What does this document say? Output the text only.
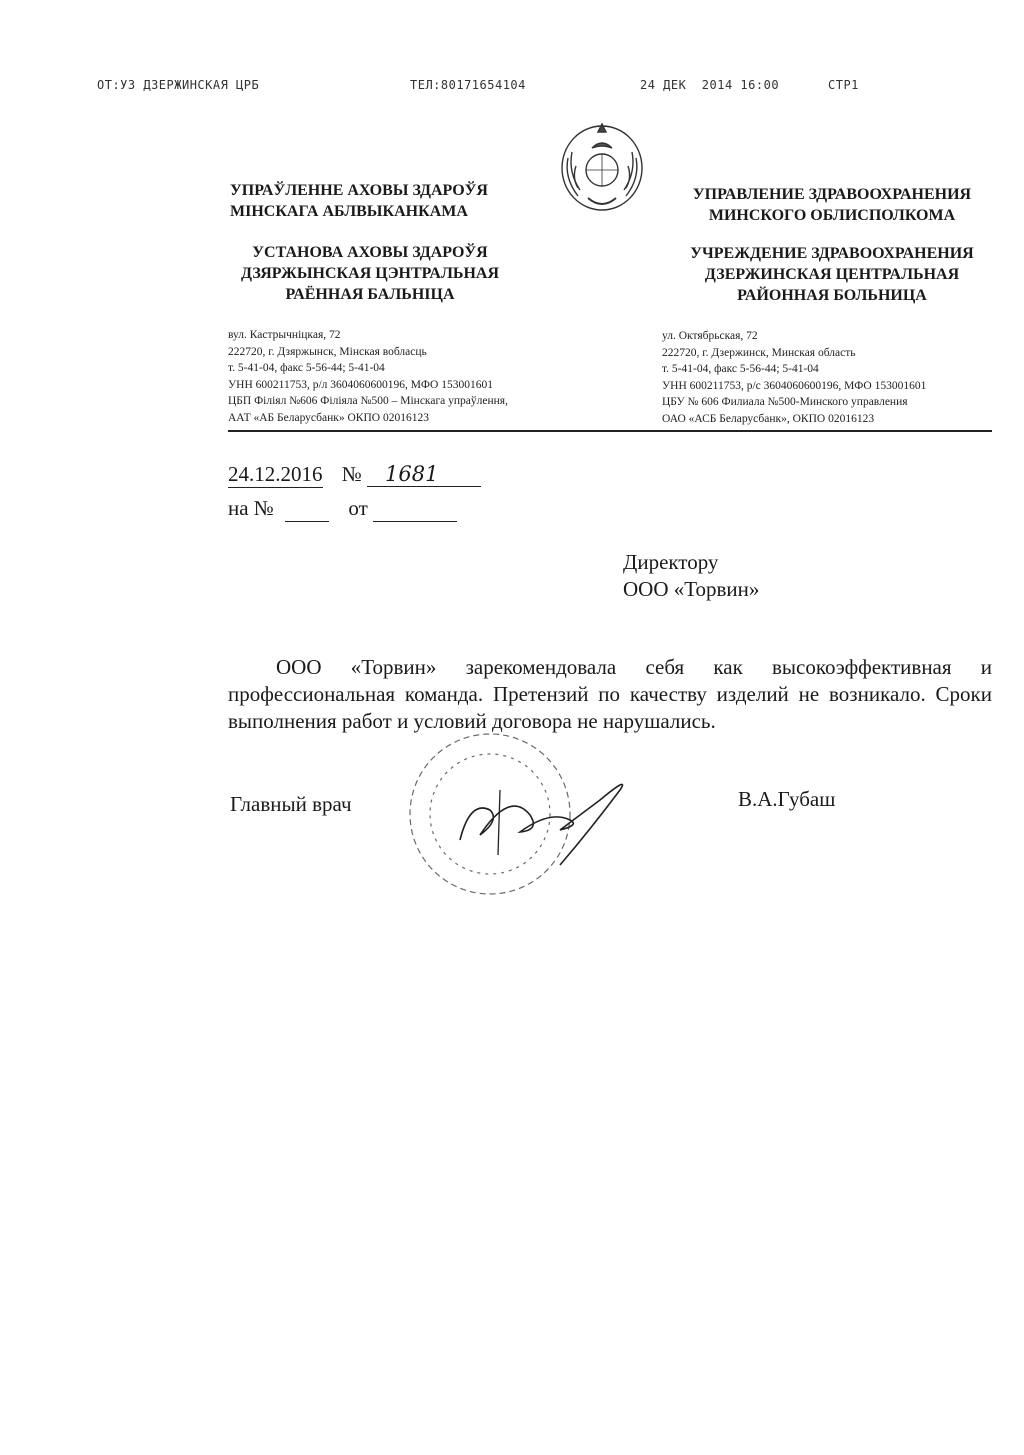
ОТ:УЗ ДЗЕРЖИНСКАЯ ЦРБ	ТЕЛ:80171654104	24 ДЕК  2014 16:00	СТР1
УПРАЎЛЕННЕ АХОВЫ ЗДАРОЎЯ
МІНСКАГА АБЛВЫКАНКАМА
УСТАНОВА АХОВЫ ЗДАРОЎЯ
ДЗЯРЖЫНСКАЯ ЦЭНТРАЛЬНАЯ
РАЁННАЯ БАЛЬНІЦА
вул. Кастрычніцкая, 72
222720, г. Дзяржынск, Мінская вобласць
т. 5-41-04, факс 5-56-44; 5-41-04
УНН 600211753, р/л 3604060600196, МФО 153001601
ЦБП Філіял №606 Філіяла №500 – Мінскага упраўлення,
ААТ «АБ Беларусбанк» ОКПО 02016123
УПРАВЛЕНИЕ ЗДРАВООХРАНЕНИЯ
МИНСКОГО ОБЛИСПОЛКОМА
УЧРЕЖДЕНИЕ ЗДРАВООХРАНЕНИЯ
ДЗЕРЖИНСКАЯ ЦЕНТРАЛЬНАЯ
РАЙОННАЯ БОЛЬНИЦА
ул. Октябрьская, 72
222720, г. Дзержинск, Минская область
т. 5-41-04, факс 5-56-44; 5-41-04
УНН 600211753, р/с 3604060600196, МФО 153001601
ЦБУ № 606 Филиала №500-Минского управления
ОАО «АСБ Беларусбанк», ОКПО 02016123
24.12.2016 № 1681
на №	от
Директору
ООО «Торвин»

ООО «Торвин» зарекомендовала себя как высокоэффективная и профессиональная команда. Претензий по качеству изделий не возникало. Сроки выполнения работ и условий договора не нарушались.

Главный врач	В.А.Губаш
